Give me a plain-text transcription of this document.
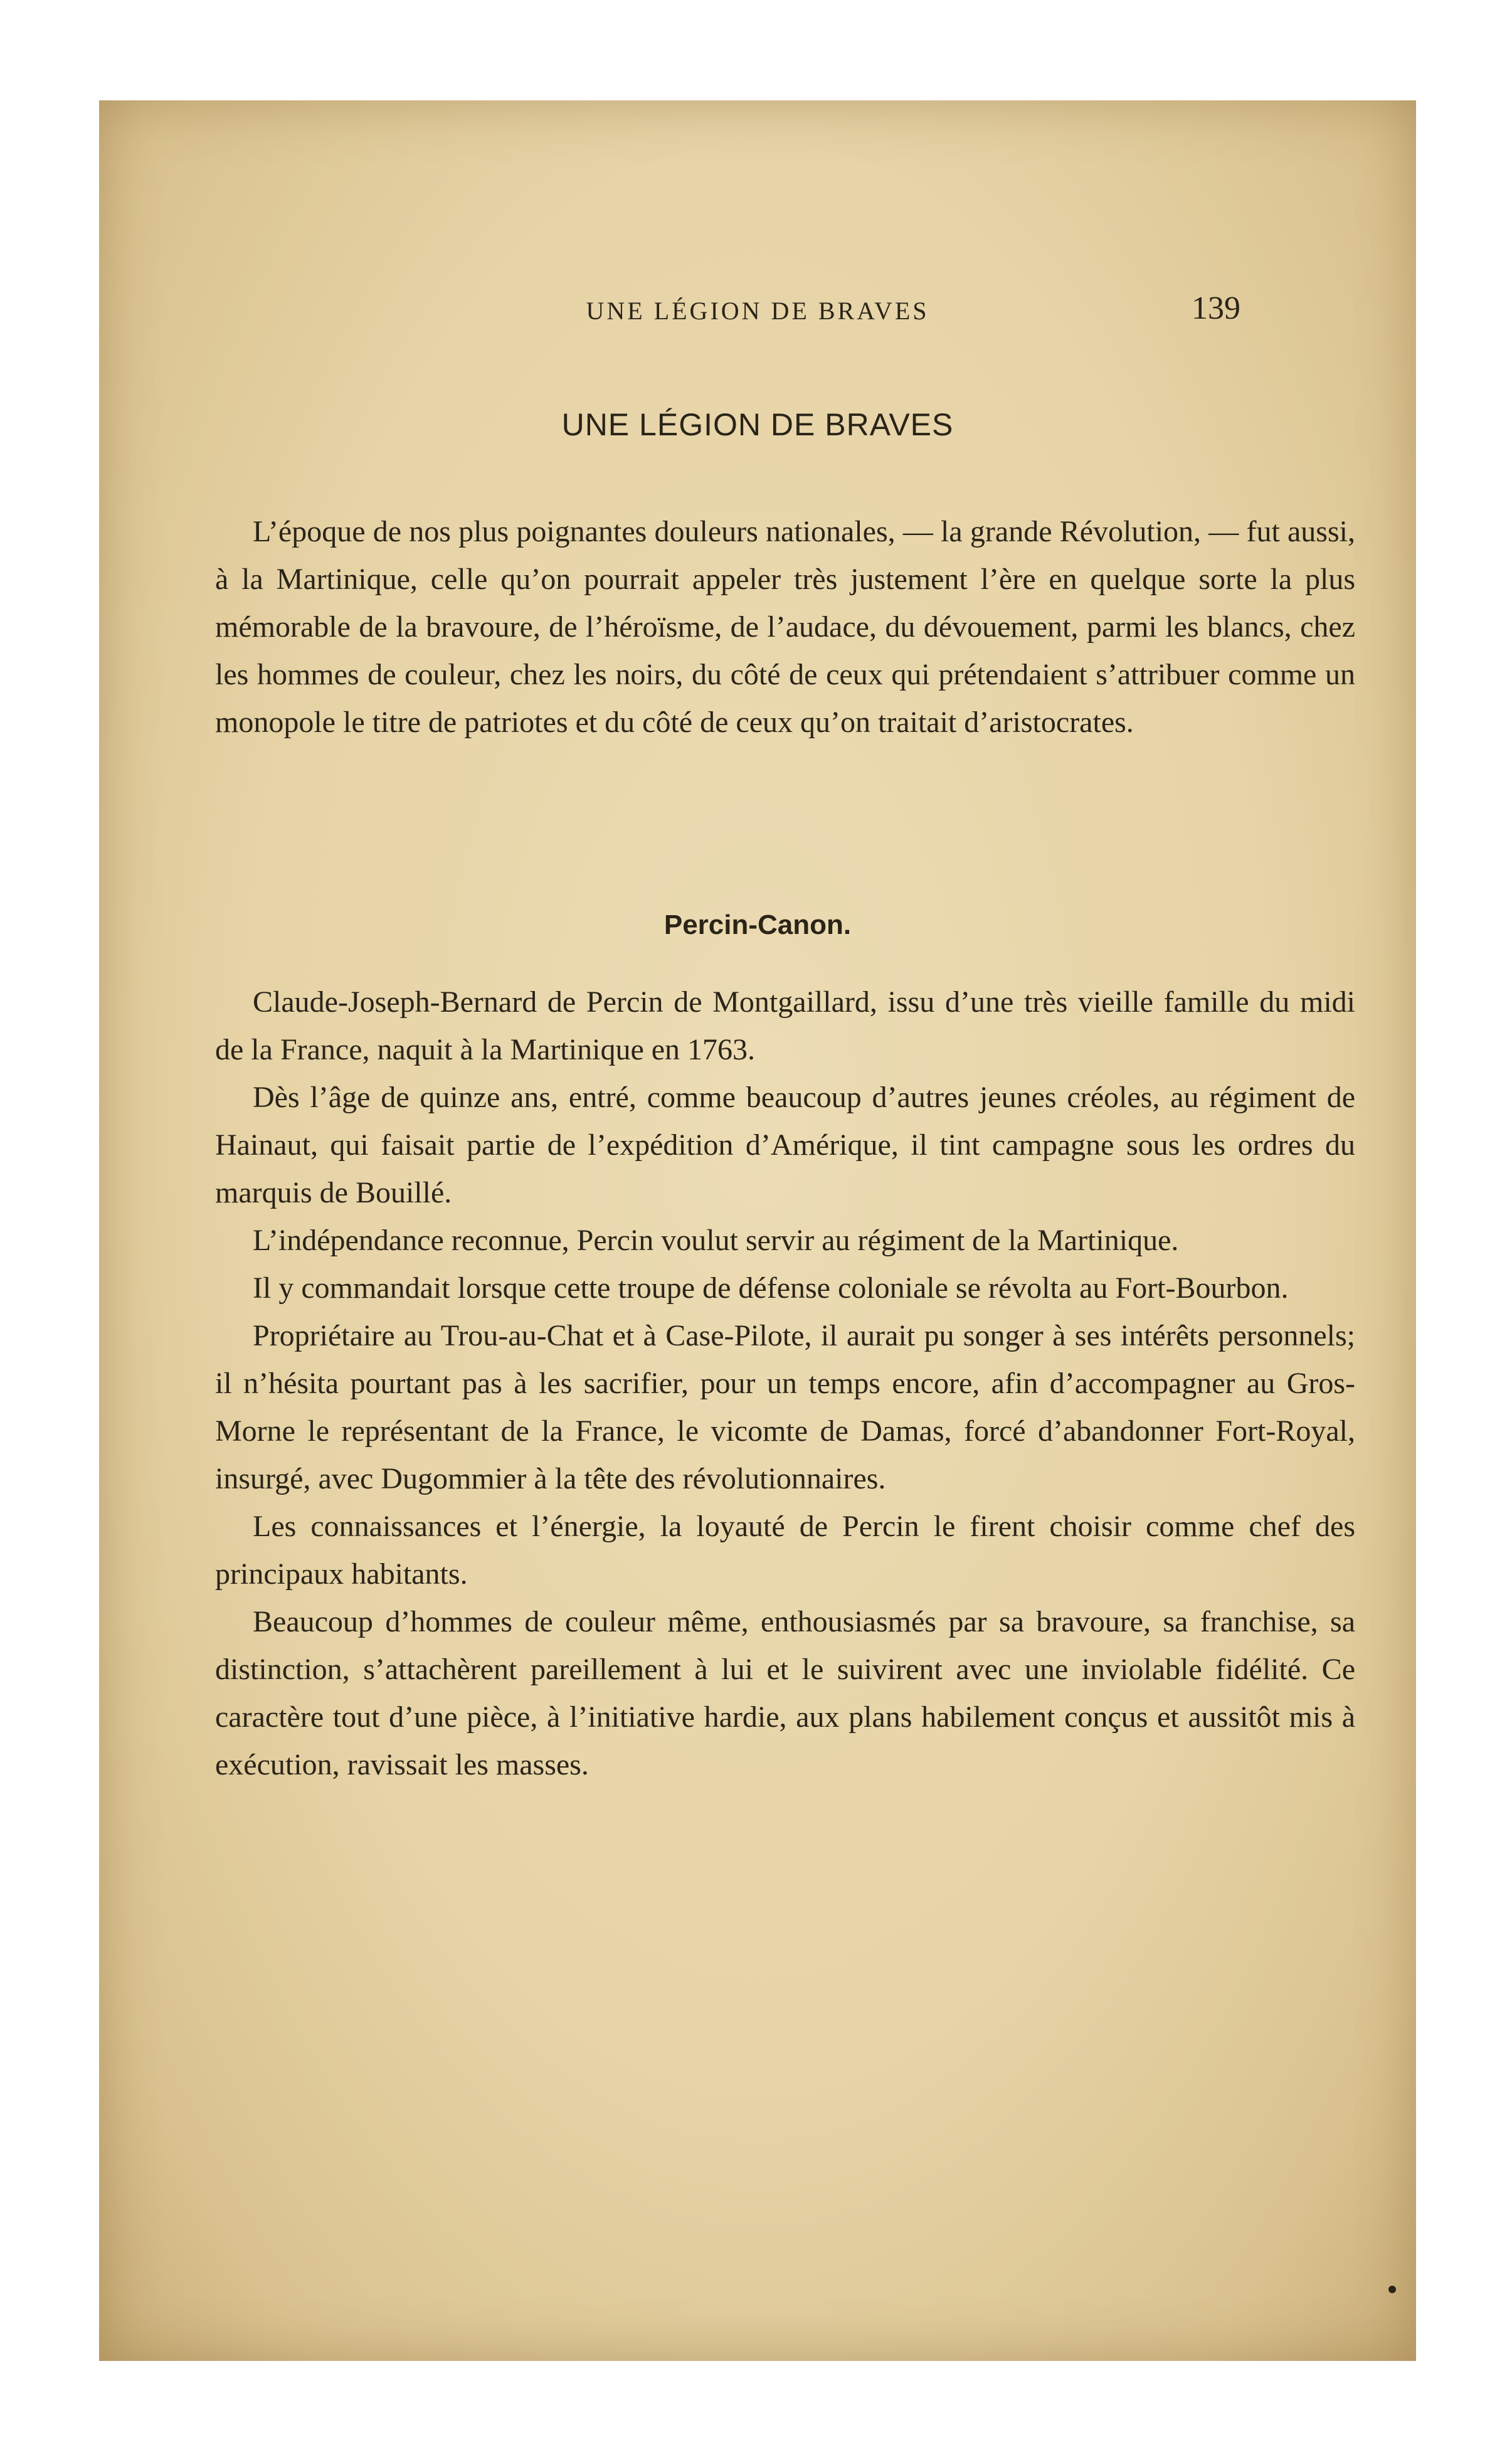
UNE LÉGION DE BRAVES	139
UNE LÉGION DE BRAVES

L’époque de nos plus poignantes douleurs nationales, — la grande Révolution, — fut aussi, à la Martinique, celle qu’on pourrait appeler très justement l’ère en quelque sorte la plus mémorable de la bravoure, de l’héroïsme, de l’audace, du dévouement, parmi les blancs, chez les hommes de couleur, chez les noirs, du côté de ceux qui prétendaient s’attribuer comme un monopole le titre de patriotes et du côté de ceux qu’on traitait d’aristocrates.

Percin-Canon.

Claude-Joseph-Bernard de Percin de Montgaillard, issu d’une très vieille famille du midi de la France, naquit à la Martinique en 1763.

Dès l’âge de quinze ans, entré, comme beaucoup d’autres jeunes créoles, au régiment de Hainaut, qui faisait partie de l’expédition d’Amérique, il tint campagne sous les ordres du marquis de Bouillé.

L’indépendance reconnue, Percin voulut servir au régiment de la Martinique.

Il y commandait lorsque cette troupe de défense coloniale se révolta au Fort-Bourbon.

Propriétaire au Trou-au-Chat et à Case-Pilote, il aurait pu songer à ses intérêts personnels; il n’hésita pourtant pas à les sacrifier, pour un temps encore, afin d’accompagner au Gros-Morne le représentant de la France, le vicomte de Damas, forcé d’abandonner Fort-Royal, insurgé, avec Dugommier à la tête des révolutionnaires.

Les connaissances et l’énergie, la loyauté de Percin le firent choisir comme chef des principaux habitants.

Beaucoup d’hommes de couleur même, enthousiasmés par sa bravoure, sa franchise, sa distinction, s’attachèrent pareillement à lui et le suivirent avec une inviolable fidélité. Ce caractère tout d’une pièce, à l’initiative hardie, aux plans habilement conçus et aussitôt mis à exécution, ravissait les masses.
